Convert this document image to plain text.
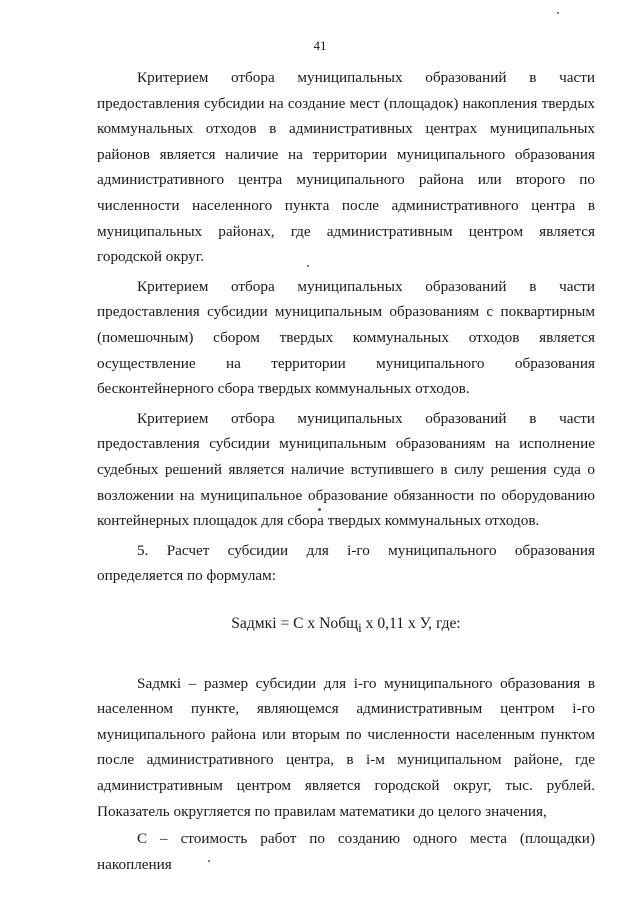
41

Критерием отбора муниципальных образований в части предоставления субсидии на создание мест (площадок) накопления твердых коммунальных отходов в административных центрах муниципальных районов является наличие на территории муниципального образования административного центра муниципального района или второго по численности населенного пункта после административного центра в муниципальных районах, где административным центром является городской округ.

Критерием отбора муниципальных образований в части предоставления субсидии муниципальным образованиям с поквартирным (помешочным) сбором твердых коммунальных отходов является осуществление на территории муниципального образования бесконтейнерного сбора твердых коммунальных отходов.

Критерием отбора муниципальных образований в части предоставления субсидии муниципальным образованиям на исполнение судебных решений является наличие вступившего в силу решения суда о возложении на муниципальное образование обязанности по оборудованию контейнерных площадок для сбора твердых коммунальных отходов.

5. Расчет субсидии для i-го муниципального образования определяется по формулам:

Sадмкi = С х Nобщ$_i$ х 0,11 х У, где:

Sадмкi – размер субсидии для i-го муниципального образования в населенном пункте, являющемся административным центром i-го муниципального района или вторым по численности населенным пунктом после административного центра, в i-м муниципальном районе, где административным центром является городской округ, тыс. рублей. Показатель округляется по правилам математики до целого значения,

С – стоимость работ по созданию одного места (площадки) накопления
